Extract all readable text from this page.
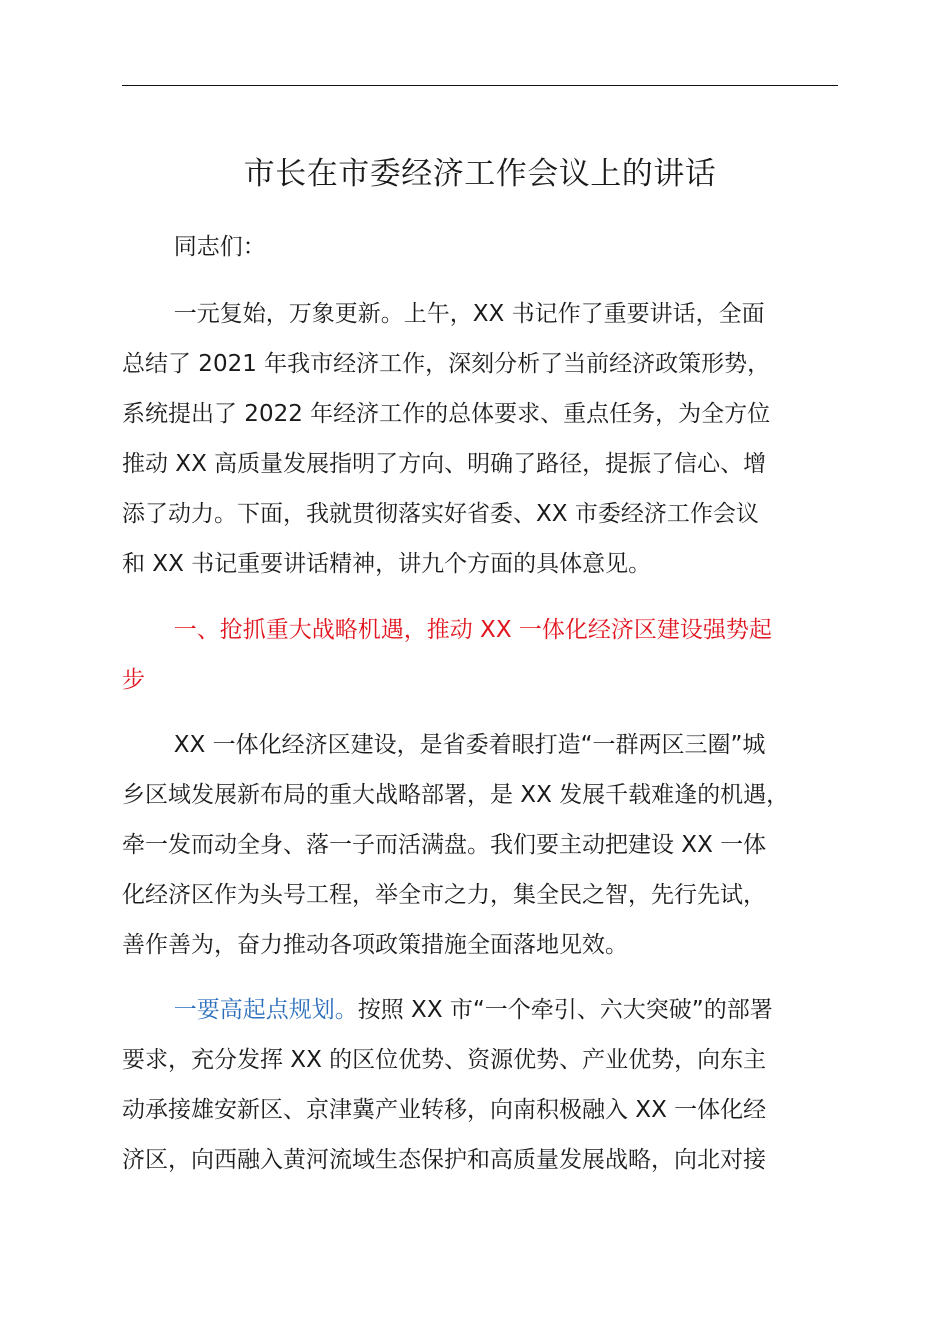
市长在市委经济工作会议上的讲话

同志们：

一元复始，万象更新。上午，XX 书记作了重要讲话，全面
总结了 2021 年我市经济工作，深刻分析了当前经济政策形势，
系统提出了 2022 年经济工作的总体要求、重点任务，为全方位
推动 XX 高质量发展指明了方向、明确了路径，提振了信心、增
添了动力。下面，我就贯彻落实好省委、XX 市委经济工作会议
和 XX 书记重要讲话精神，讲九个方面的具体意见。
一、抢抓重大战略机遇，推动 XX 一体化经济区建设强势起
步
XX 一体化经济区建设，是省委着眼打造“一群两区三圈”城
乡区域发展新布局的重大战略部署，是 XX 发展千载难逢的机遇，
牵一发而动全身、落一子而活满盘。我们要主动把建设 XX 一体
化经济区作为头号工程，举全市之力，集全民之智，先行先试，
善作善为，奋力推动各项政策措施全面落地见效。
一要高起点规划。按照 XX 市“一个牵引、六大突破”的部署
要求，充分发挥 XX 的区位优势、资源优势、产业优势，向东主
动承接雄安新区、京津冀产业转移，向南积极融入 XX 一体化经
济区，向西融入黄河流域生态保护和高质量发展战略，向北对接
